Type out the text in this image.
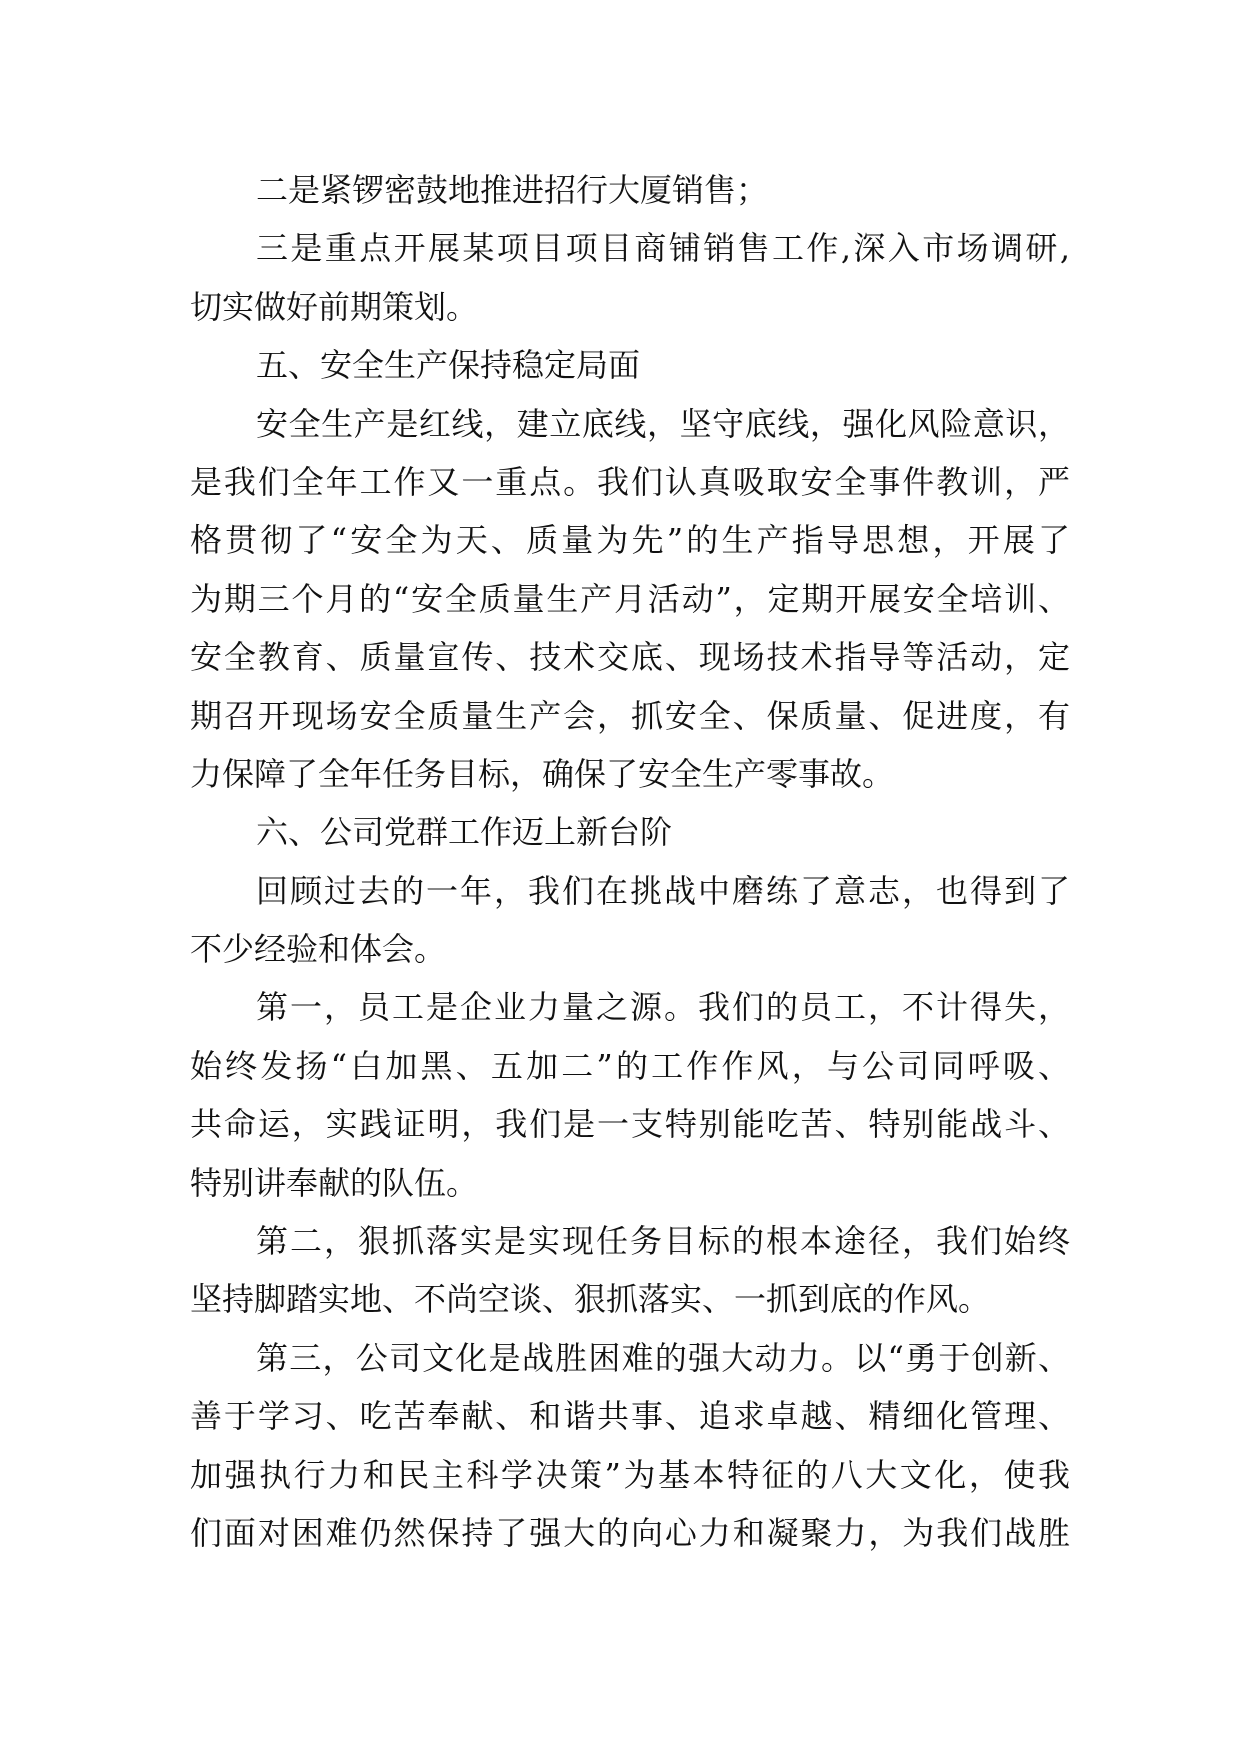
二是紧锣密鼓地推进招行大厦销售；
三是重点开展某项目项目商铺销售工作,深入市场调研,
切实做好前期策划。
五、安全生产保持稳定局面
安全生产是红线，建立底线，坚守底线，强化风险意识，
是我们全年工作又一重点。我们认真吸取安全事件教训，严
格贯彻了“安全为天、质量为先”的生产指导思想，开展了
为期三个月的“安全质量生产月活动”，定期开展安全培训、
安全教育、质量宣传、技术交底、现场技术指导等活动，定
期召开现场安全质量生产会，抓安全、保质量、促进度，有
力保障了全年任务目标，确保了安全生产零事故。
六、公司党群工作迈上新台阶
回顾过去的一年，我们在挑战中磨练了意志，也得到了
不少经验和体会。
第一，员工是企业力量之源。我们的员工，不计得失，
始终发扬“白加黑、五加二”的工作作风，与公司同呼吸、
共命运，实践证明，我们是一支特别能吃苦、特别能战斗、
特别讲奉献的队伍。
第二，狠抓落实是实现任务目标的根本途径，我们始终
坚持脚踏实地、不尚空谈、狠抓落实、一抓到底的作风。
第三，公司文化是战胜困难的强大动力。以“勇于创新、
善于学习、吃苦奉献、和谐共事、追求卓越、精细化管理、
加强执行力和民主科学决策”为基本特征的八大文化，使我
们面对困难仍然保持了强大的向心力和凝聚力，为我们战胜
